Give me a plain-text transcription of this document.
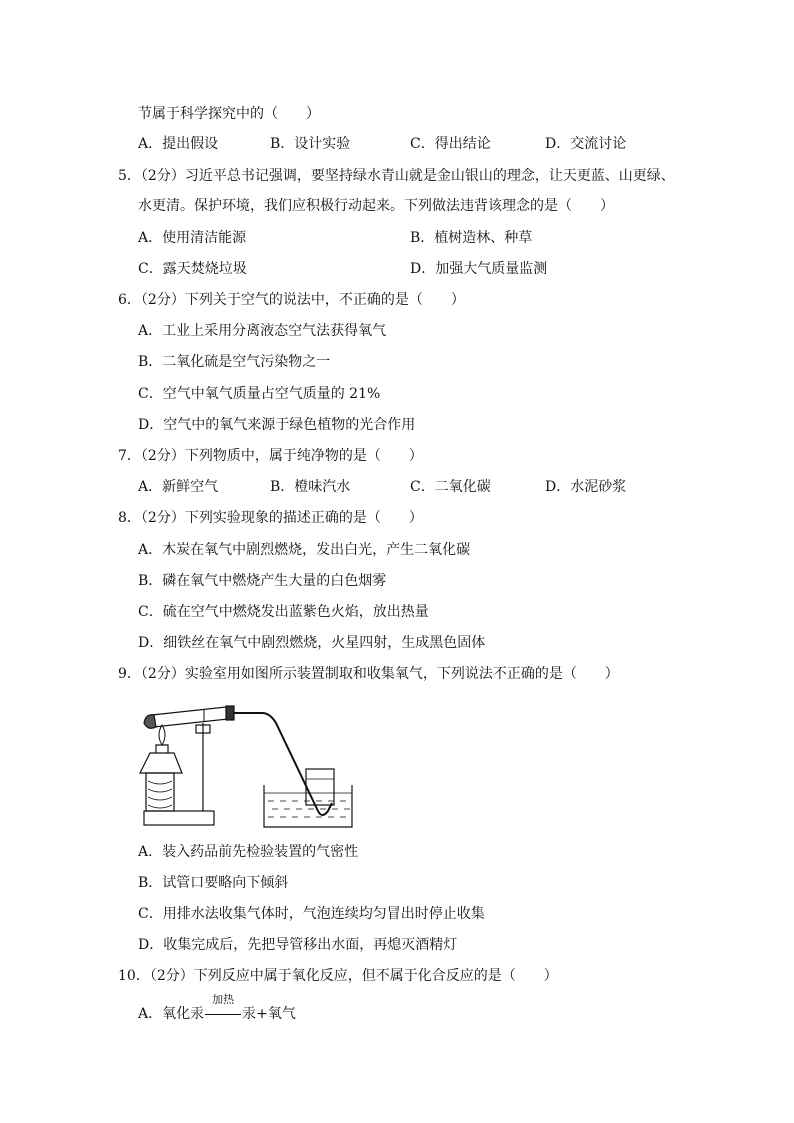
节属于科学探究中的（　　）
A．提出假设	B．设计实验	C．得出结论	D．交流讨论
5．（2分）习近平总书记强调，要坚持绿水青山就是金山银山的理念，让天更蓝、山更绿、
水更清。保护环境，我们应积极行动起来。下列做法违背该理念的是（　　）
A．使用清洁能源	B．植树造林、种草
C．露天焚烧垃圾	D．加强大气质量监测
6．（2分）下列关于空气的说法中，不正确的是（　　）
A．工业上采用分离液态空气法获得氧气
B．二氧化硫是空气污染物之一
C．空气中氧气质量占空气质量的 21%
D．空气中的氧气来源于绿色植物的光合作用
7．（2分）下列物质中，属于纯净物的是（　　）
A．新鲜空气	B．橙味汽水	C．二氧化碳	D．水泥砂浆
8．（2分）下列实验现象的描述正确的是（　　）
A．木炭在氧气中剧烈燃烧，发出白光，产生二氧化碳
B．磷在氧气中燃烧产生大量的白色烟雾
C．硫在空气中燃烧发出蓝紫色火焰，放出热量
D．细铁丝在氧气中剧烈燃烧，火星四射，生成黑色固体
9．（2分）实验室用如图所示装置制取和收集氧气，下列说法不正确的是（　　）
A．装入药品前先检验装置的气密性
B．试管口要略向下倾斜
C．用排水法收集气体时，气泡连续均匀冒出时停止收集
D．收集完成后，先把导管移出水面，再熄灭酒精灯
10．（2分）下列反应中属于氧化反应，但不属于化合反应的是（　　）
A．氧化汞
加热
汞+氧气
